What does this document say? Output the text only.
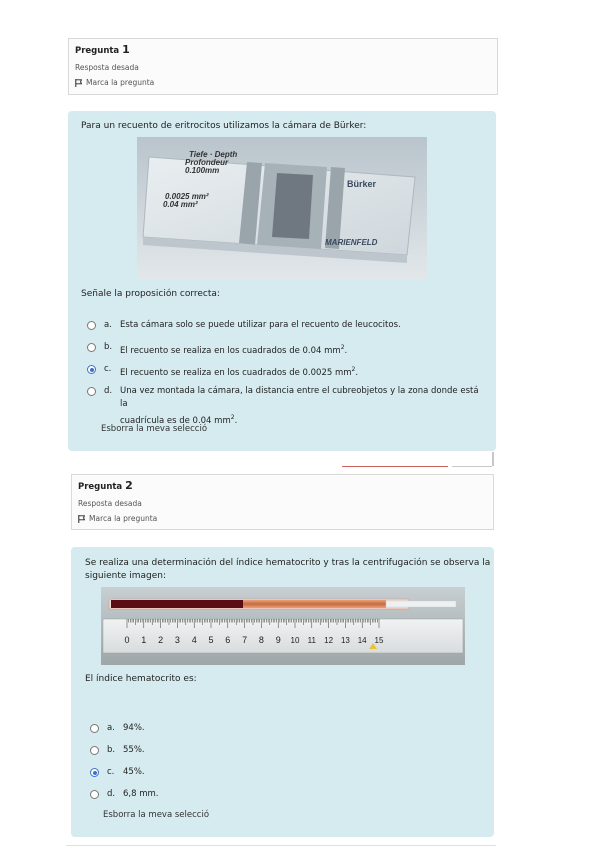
Pregunta 1
Resposta desada
Marca la pregunta
Para un recuento de eritrocitos utilizamos la cámara de Bürker:
Tiefe · Depth
Profondeur
0.100mm
0.0025 mm²
0.04 mm²
Bürker
MARIENFELD
Señale la proposición correcta:
a. Esta cámara solo se puede utilizar para el recuento de leucocitos.
b. El recuento se realiza en los cuadrados de 0.04 $mm^2$.
c.	El recuento se realiza en los cuadrados de 0.0025 $mm^2$.
d. Una vez montada la cámara, la distancia entre el cubreobjetos y la zona donde está la
cuadrícula es de 0.04 $mm^2$.
Esborra la meva selecció
Pregunta 2
Resposta desada
Marca la pregunta
Se realiza una determinación del índice hematocrito y tras la centrifugación se observa la
siguiente imagen:
0 1 2 3 4 5 6 7 8 9 10 11 12 13 14 15
El índice hematocrito es:
a. 94%.
b. 55%.
c.	45%.
d. 6,8 mm.
Esborra la meva selecció
